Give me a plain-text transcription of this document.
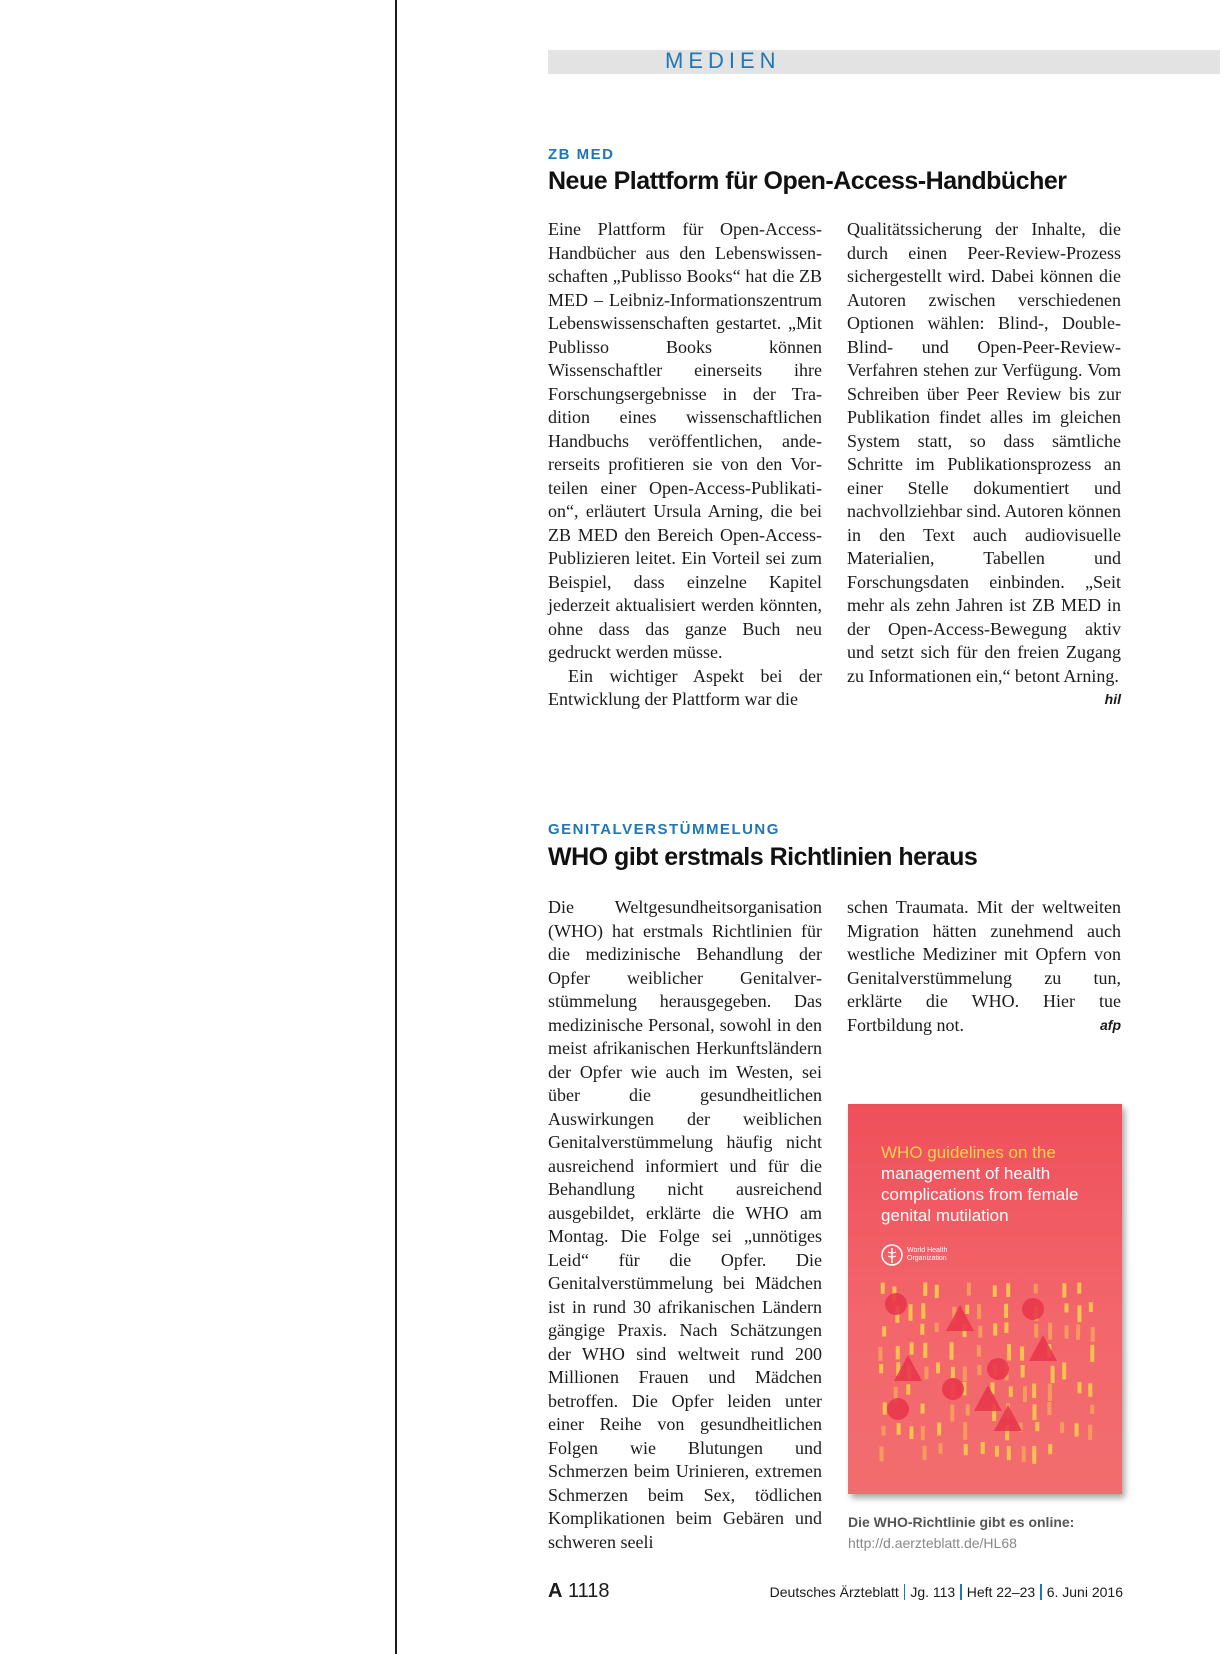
MEDIEN
ZB MED
Neue Plattform für Open-Access-Handbücher

Eine Plattform für Open-Access-Handbücher aus den Lebenswissenschaften „Publisso Books“ hat die ZB MED – Leibniz-Informationszentrum Lebenswissenschaften gestartet. „Mit Publisso Books können Wissenschaftler einerseits ihre Forschungsergebnisse in der Tradition eines wissenschaftlichen Handbuchs veröffentlichen, andererseits profitieren sie von den Vorteilen einer Open-Access-Publikation“, erläutert Ursula Arning, die bei ZB MED den Bereich Open-Access-Publizieren leitet. Ein Vorteil sei zum Beispiel, dass einzelne Kapitel jederzeit aktualisiert werden könnten, ohne dass das ganze Buch neu gedruckt werden müsse.

Ein wichtiger Aspekt bei der Entwicklung der Plattform war die

Qualitätssicherung der Inhalte, die durch einen Peer-Review-Prozess sichergestellt wird. Dabei können die Autoren zwischen verschiedenen Optionen wählen: Blind-, Double-Blind- und Open-Peer-Review-Verfahren stehen zur Verfügung. Vom Schreiben über Peer Review bis zur Publikation findet alles im gleichen System statt, so dass sämtliche Schritte im Publikationsprozess an einer Stelle dokumentiert und nachvollziehbar sind. Autoren können in den Text auch audiovisuelle Materialien, Tabellen und Forschungsdaten einbinden. „Seit mehr als zehn Jahren ist ZB MED in der Open-Access-Bewegung aktiv und setzt sich für den freien Zugang zu Informationen ein,“ betont Arning.
hil

GENITALVERSTÜMMELUNG
WHO gibt erstmals Richtlinien heraus

Die Weltgesundheitsorganisation (WHO) hat erstmals Richtlinien für die medizinische Behandlung der Opfer weiblicher Genitalverstümmelung herausgegeben. Das medizinische Personal, sowohl in den meist afrikanischen Herkunftsländern der Opfer wie auch im Westen, sei über die gesundheitlichen Auswirkungen der weiblichen Genitalverstümmelung häufig nicht ausreichend informiert und für die Behandlung nicht ausreichend ausgebildet, erklärte die WHO am Montag. Die Folge sei „unnötiges Leid“ für die Opfer. Die Genitalverstümmelung bei Mädchen ist in rund 30 afrikanischen Ländern gängige Praxis. Nach Schätzungen der WHO sind weltweit rund 200 Millionen Frauen und Mädchen betroffen. Die Opfer leiden unter einer Reihe von gesundheitlichen Folgen wie Blutungen und Schmerzen beim Urinieren, extremen Schmerzen beim Sex, tödlichen Komplikationen beim Gebären und schweren seeli

schen Traumata. Mit der weltweiten Migration hätten zunehmend auch westliche Mediziner mit Opfern von Genitalverstümmelung zu tun, erklärte die WHO. Hier tue Fortbildung not.	afp

WHO guidelines on the
management of health complications from female genital mutilation
World Health Organization
Die WHO-Richtlinie gibt es online:
http://d.aerzteblatt.de/HL68
A 1118	Deutsches Ärzteblatt Jg. 113 Heft 22–23 6. Juni 2016
